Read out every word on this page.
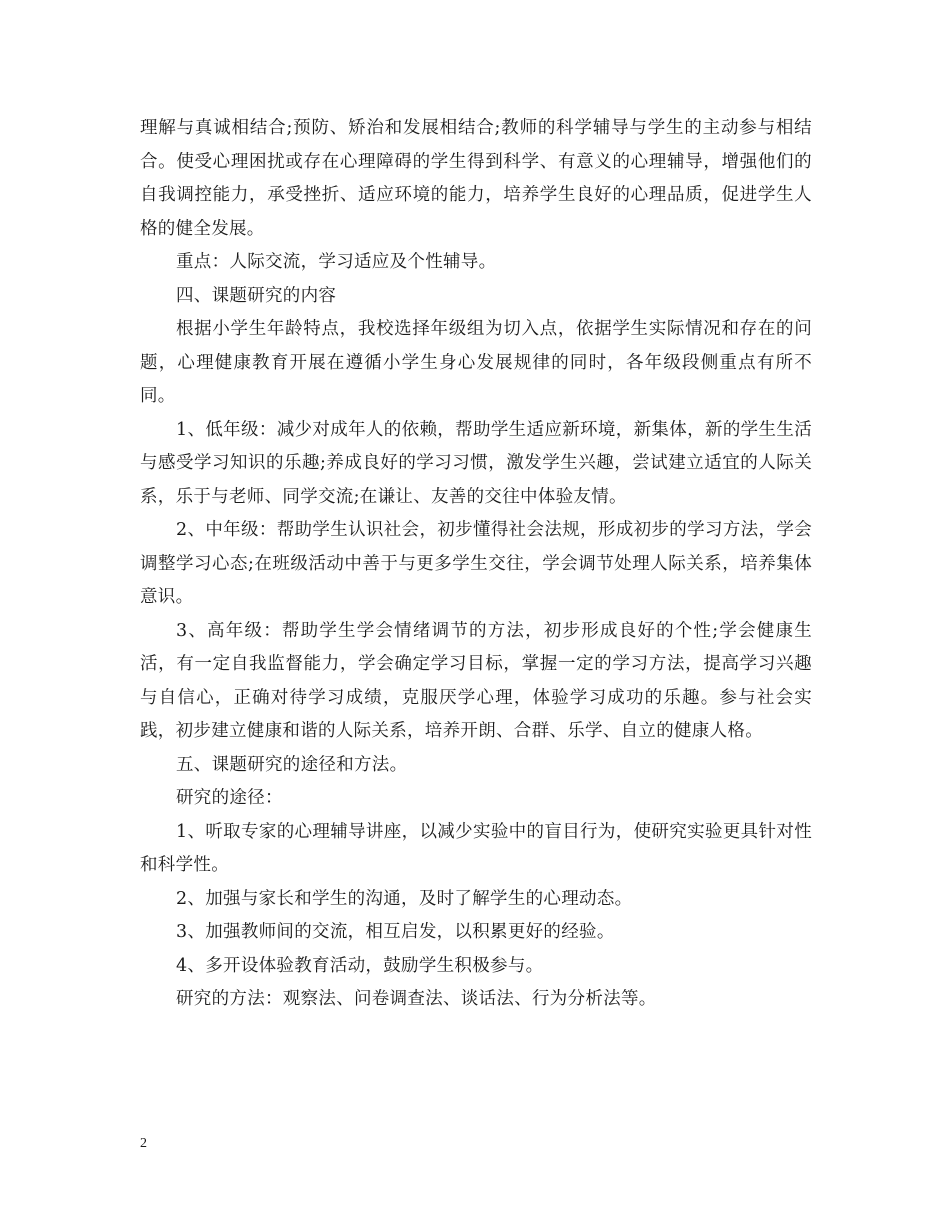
理解与真诚相结合;预防、矫治和发展相结合;教师的科学辅导与学生的主动参与相结合。使受心理困扰或存在心理障碍的学生得到科学、有意义的心理辅导，增强他们的自我调控能力，承受挫折、适应环境的能力，培养学生良好的心理品质，促进学生人格的健全发展。

重点：人际交流，学习适应及个性辅导。

四、课题研究的内容

根据小学生年龄特点，我校选择年级组为切入点，依据学生实际情况和存在的问题，心理健康教育开展在遵循小学生身心发展规律的同时，各年级段侧重点有所不同。

1、低年级：减少对成年人的依赖，帮助学生适应新环境，新集体，新的学生生活与感受学习知识的乐趣;养成良好的学习习惯，激发学生兴趣，尝试建立适宜的人际关系，乐于与老师、同学交流;在谦让、友善的交往中体验友情。

2、中年级：帮助学生认识社会，初步懂得社会法规，形成初步的学习方法，学会调整学习心态;在班级活动中善于与更多学生交往，学会调节处理人际关系，培养集体意识。

3、高年级：帮助学生学会情绪调节的方法，初步形成良好的个性;学会健康生活，有一定自我监督能力，学会确定学习目标，掌握一定的学习方法，提高学习兴趣与自信心，正确对待学习成绩，克服厌学心理，体验学习成功的乐趣。参与社会实践，初步建立健康和谐的人际关系，培养开朗、合群、乐学、自立的健康人格。

五、课题研究的途径和方法。

研究的途径：

1、听取专家的心理辅导讲座，以减少实验中的盲目行为，使研究实验更具针对性和科学性。

2、加强与家长和学生的沟通，及时了解学生的心理动态。

3、加强教师间的交流，相互启发，以积累更好的经验。

4、多开设体验教育活动，鼓励学生积极参与。

研究的方法：观察法、问卷调查法、谈话法、行为分析法等。

2
